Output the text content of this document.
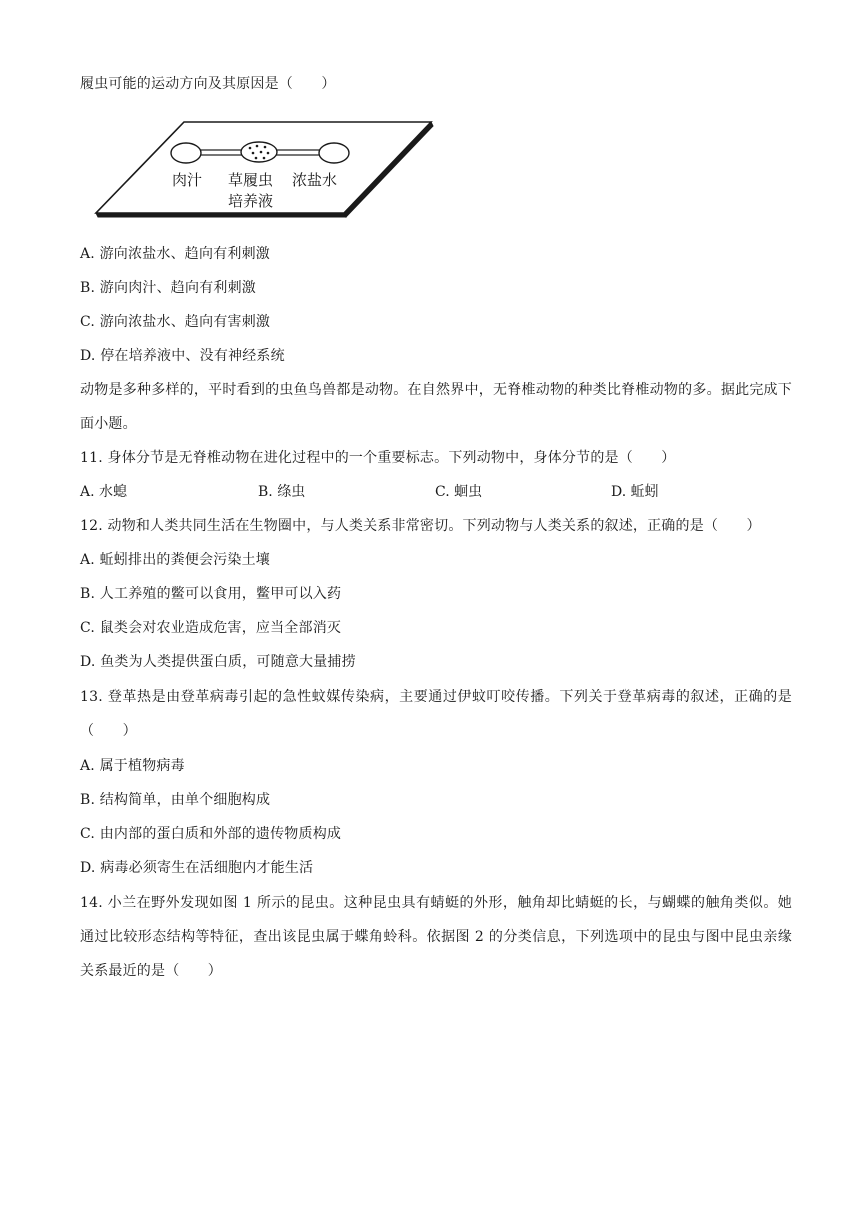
履虫可能的运动方向及其原因是（　　）
肉汁 草履虫 浓盐水
培养液
A. 游向浓盐水、趋向有利刺激
B. 游向肉汁、趋向有利刺激
C. 游向浓盐水、趋向有害刺激
D. 停在培养液中、没有神经系统
动物是多种多样的，平时看到的虫鱼鸟兽都是动物。在自然界中，无脊椎动物的种类比脊椎动物的多。据此完成下面小题。
11. 身体分节是无脊椎动物在进化过程中的一个重要标志。下列动物中，身体分节的是（　　）
A. 水螅	B. 绦虫	C. 蛔虫	D. 蚯蚓
12. 动物和人类共同生活在生物圈中，与人类关系非常密切。下列动物与人类关系的叙述，正确的是（　　）
A. 蚯蚓排出的粪便会污染土壤
B. 人工养殖的鳖可以食用，鳖甲可以入药
C. 鼠类会对农业造成危害，应当全部消灭
D. 鱼类为人类提供蛋白质，可随意大量捕捞
13. 登革热是由登革病毒引起的急性蚊媒传染病，主要通过伊蚊叮咬传播。下列关于登革病毒的叙述，正确的是（　　）
A. 属于植物病毒
B. 结构简单，由单个细胞构成
C. 由内部的蛋白质和外部的遗传物质构成
D. 病毒必须寄生在活细胞内才能生活
14. 小兰在野外发现如图 1 所示的昆虫。这种昆虫具有蜻蜓的外形，触角却比蜻蜓的长，与蝴蝶的触角类似。她通过比较形态结构等特征，查出该昆虫属于蝶角蛉科。依据图 2 的分类信息，下列选项中的昆虫与图中昆虫亲缘关系最近的是（　　）
